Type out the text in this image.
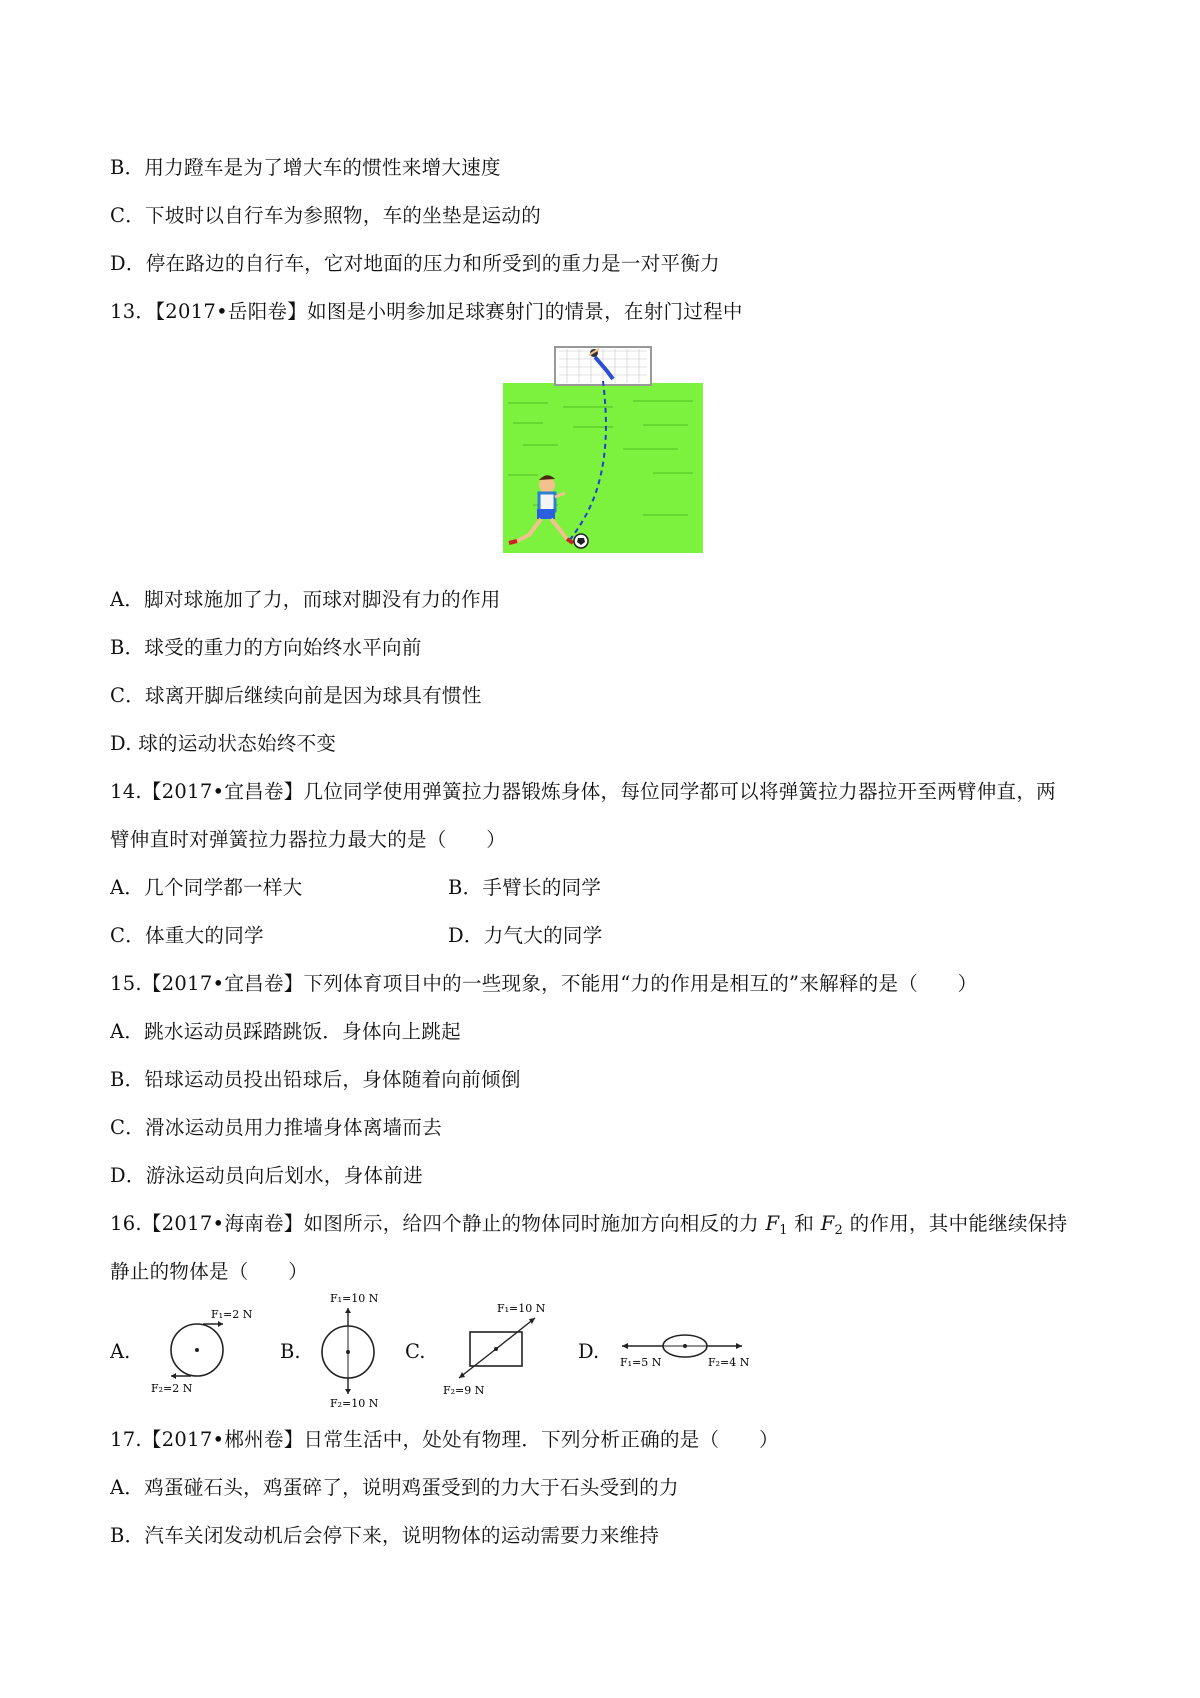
B．用力蹬车是为了增大车的惯性来增大速度
C．下坡时以自行车为参照物，车的坐垫是运动的
D．停在路边的自行车，它对地面的压力和所受到的重力是一对平衡力
13．【2017•岳阳卷】如图是小明参加足球赛射门的情景，在射门过程中
A．脚对球施加了力，而球对脚没有力的作用
B．球受的重力的方向始终水平向前
C．球离开脚后继续向前是因为球具有惯性
D. 球的运动状态始终不变
14.【2017•宜昌卷】几位同学使用弹簧拉力器锻炼身体，每位同学都可以将弹簧拉力器拉开至两臂伸直，两
臂伸直时对弹簧拉力器拉力最大的是（　　）
A．几个同学都一样大	B．手臂长的同学
C．体重大的同学	D．力气大的同学
15.【2017•宜昌卷】下列体育项目中的一些现象，不能用“力的作用是相互的”来解释的是（　　）
A．跳水运动员踩踏跳饭．身体向上跳起
B．铅球运动员投出铅球后，身体随着向前倾倒
C．滑冰运动员用力推墙身体离墙而去
D．游泳运动员向后划水，身体前进
16.【2017•海南卷】如图所示，给四个静止的物体同时施加方向相反的力 $F_1$ 和 $F_2$ 的作用，其中能继续保持
静止的物体是（　　）
A.
F₁=2 N
F₂=2 N
B.
F₁=10 N
F₂=10 N
C.
F₁=10 N
F₂=9 N
D. F₁=5 N	F₂=4 N
17.【2017•郴州卷】日常生活中，处处有物理．下列分析正确的是（　　）
A．鸡蛋碰石头，鸡蛋碎了，说明鸡蛋受到的力大于石头受到的力
B．汽车关闭发动机后会停下来，说明物体的运动需要力来维持
